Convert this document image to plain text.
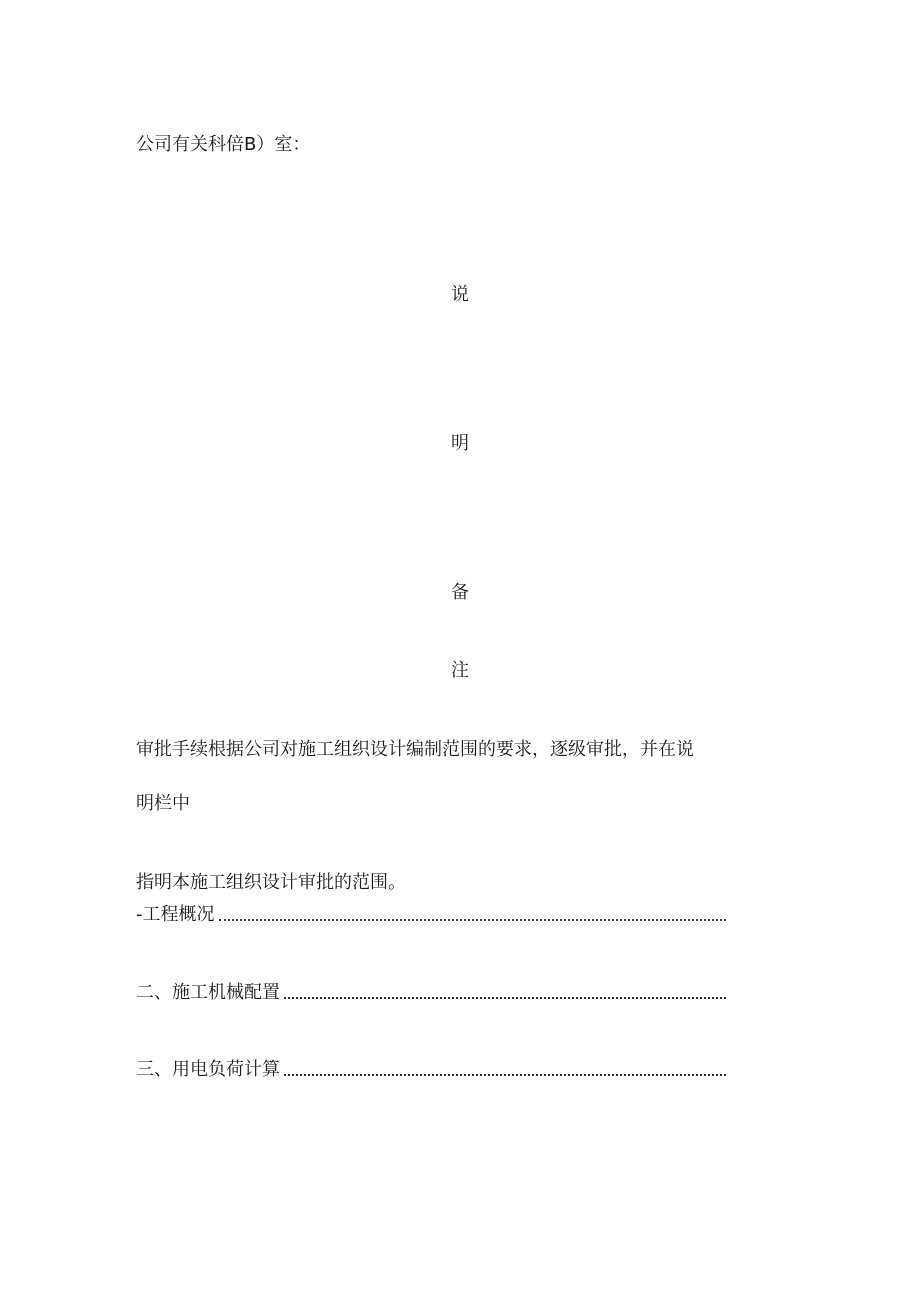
公司有关科倍B）室：
说
明
备
注
审批手续根据公司对施工组织设计编制范围的要求，逐级审批，并在说
明栏中
指明本施工组织设计审批的范围。
-工程概况
二、施工机械配置
三、用电负荷计算
